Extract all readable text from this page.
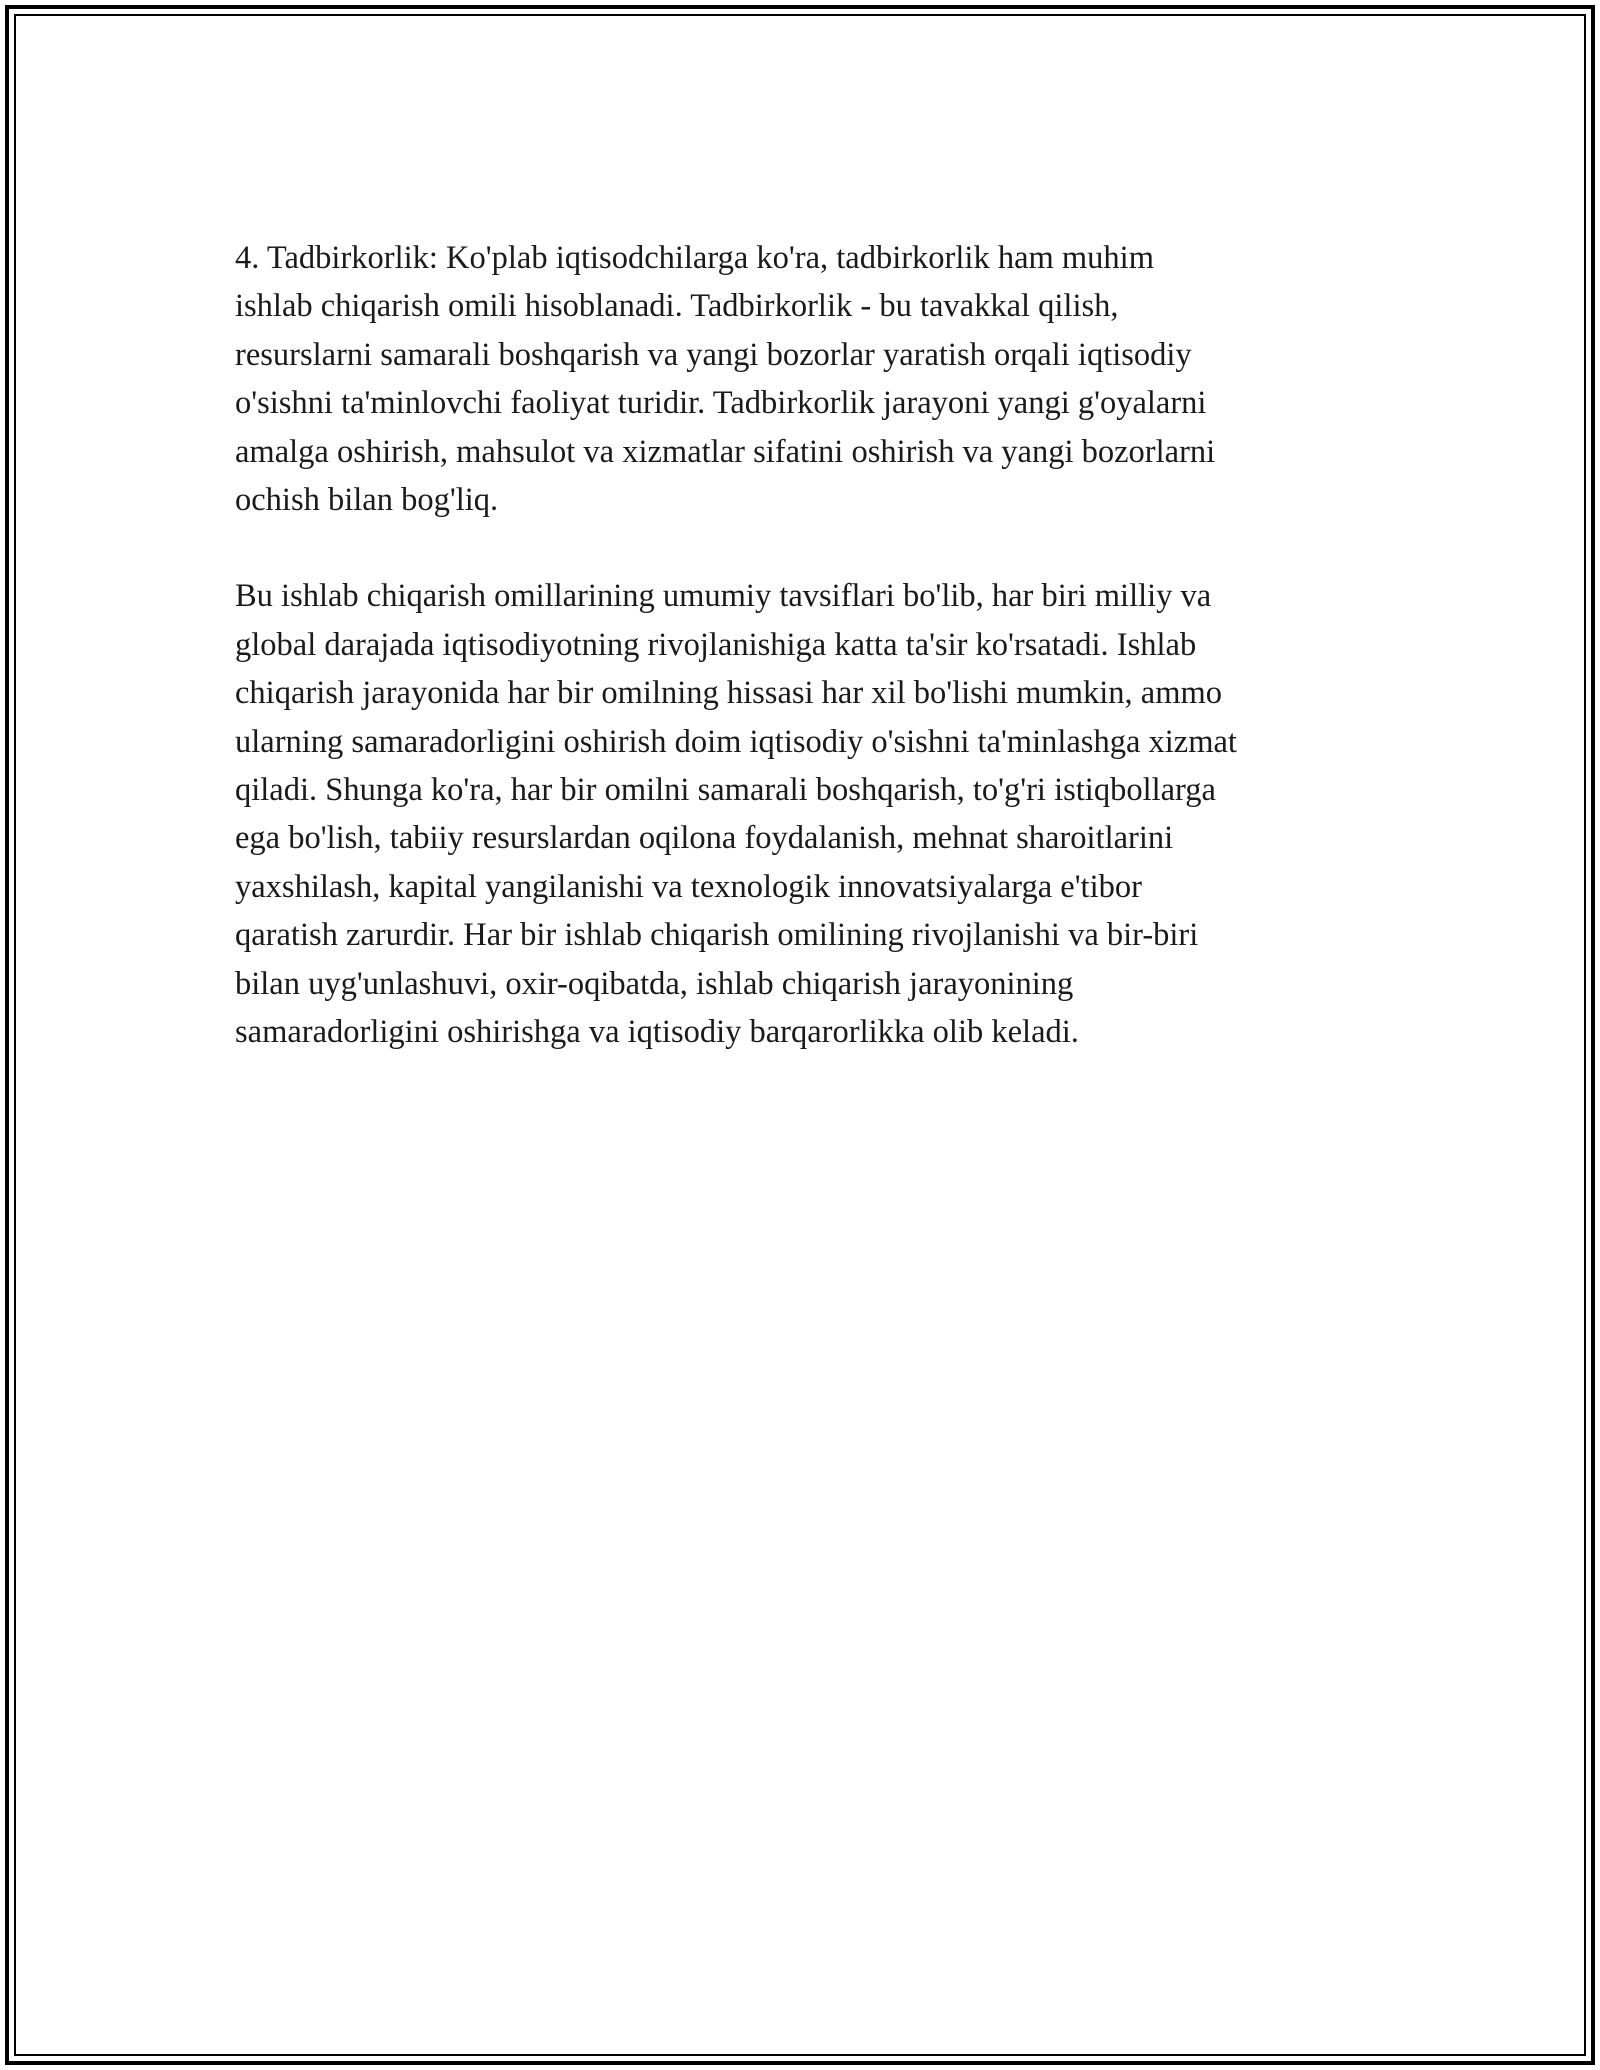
4. Tadbirkorlik: Ko'plab iqtisodchilarga ko'ra, tadbirkorlik ham muhim
ishlab chiqarish omili hisoblanadi. Tadbirkorlik - bu tavakkal qilish,
resurslarni samarali boshqarish va yangi bozorlar yaratish orqali iqtisodiy
o'sishni ta'minlovchi faoliyat turidir. Tadbirkorlik jarayoni yangi g'oyalarni
amalga oshirish, mahsulot va xizmatlar sifatini oshirish va yangi bozorlarni
ochish bilan bog'liq.

Bu ishlab chiqarish omillarining umumiy tavsiflari bo'lib, har biri milliy va
global darajada iqtisodiyotning rivojlanishiga katta ta'sir ko'rsatadi. Ishlab
chiqarish jarayonida har bir omilning hissasi har xil bo'lishi mumkin, ammo
ularning samaradorligini oshirish doim iqtisodiy o'sishni ta'minlashga xizmat
qiladi. Shunga ko'ra, har bir omilni samarali boshqarish, to'g'ri istiqbollarga
ega bo'lish, tabiiy resurslardan oqilona foydalanish, mehnat sharoitlarini
yaxshilash, kapital yangilanishi va texnologik innovatsiyalarga e'tibor
qaratish zarurdir. Har bir ishlab chiqarish omilining rivojlanishi va bir-biri
bilan uyg'unlashuvi, oxir-oqibatda, ishlab chiqarish jarayonining
samaradorligini oshirishga va iqtisodiy barqarorlikka olib keladi.
